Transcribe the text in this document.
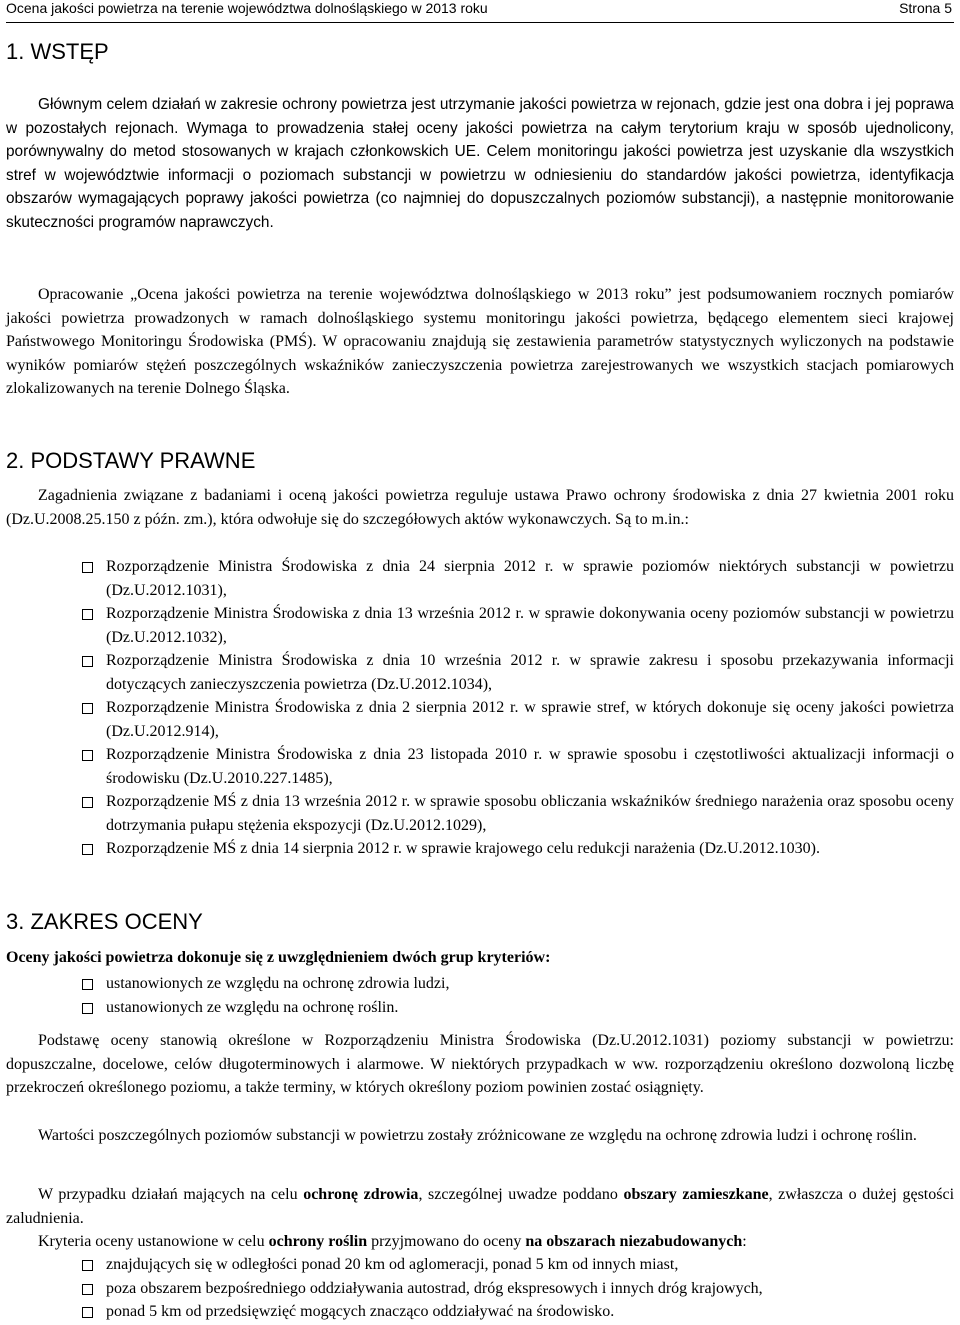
Ocena jakości powietrza na terenie województwa dolnośląskiego w 2013 roku	Strona 5
1. WSTĘP

Głównym celem działań w zakresie ochrony powietrza jest utrzymanie jakości powietrza w rejonach, gdzie jest ona dobra i jej poprawa w pozostałych rejonach. Wymaga to prowadzenia stałej oceny jakości powietrza na całym terytorium kraju w sposób ujednolicony, porównywalny do metod stosowanych w krajach członkowskich UE. Celem monitoringu jakości powietrza jest uzyskanie dla wszystkich stref w województwie informacji o poziomach substancji w powietrzu w odniesieniu do standardów jakości powietrza, identyfikacja obszarów wymagających poprawy jakości powietrza (co najmniej do dopuszczalnych poziomów substancji), a następnie monitorowanie skuteczności programów naprawczych.

Opracowanie „Ocena jakości powietrza na terenie województwa dolnośląskiego w 2013 roku” jest podsumowaniem rocznych pomiarów jakości powietrza prowadzonych w ramach dolnośląskiego systemu monitoringu jakości powietrza, będącego elementem sieci krajowej Państwowego Monitoringu Środowiska (PMŚ). W opracowaniu znajdują się zestawienia parametrów statystycznych wyliczonych na podstawie wyników pomiarów stężeń poszczególnych wskaźników zanieczyszczenia powietrza zarejestrowanych we wszystkich stacjach pomiarowych zlokalizowanych na terenie Dolnego Śląska.

2. PODSTAWY PRAWNE

Zagadnienia związane z badaniami i oceną jakości powietrza reguluje ustawa Prawo ochrony środowiska z dnia 27 kwietnia 2001 roku (Dz.U.2008.25.150 z późn. zm.), która odwołuje się do szczegółowych aktów wykonawczych. Są to m.in.:

Rozporządzenie Ministra Środowiska z dnia 24 sierpnia 2012 r. w sprawie poziomów niektórych substancji w powietrzu (Dz.U.2012.1031),
Rozporządzenie Ministra Środowiska z dnia 13 września 2012 r. w sprawie dokonywania oceny poziomów substancji w powietrzu (Dz.U.2012.1032),
Rozporządzenie Ministra Środowiska z dnia 10 września 2012 r. w sprawie zakresu i sposobu przekazywania informacji dotyczących zanieczyszczenia powietrza (Dz.U.2012.1034),
Rozporządzenie Ministra Środowiska z dnia 2 sierpnia 2012 r. w sprawie stref, w których dokonuje się oceny jakości powietrza (Dz.U.2012.914),
Rozporządzenie Ministra Środowiska z dnia 23 listopada 2010 r. w sprawie sposobu i częstotliwości aktualizacji informacji o środowisku (Dz.U.2010.227.1485),
Rozporządzenie MŚ z dnia 13 września 2012 r. w sprawie sposobu obliczania wskaźników średniego narażenia oraz sposobu oceny dotrzymania pułapu stężenia ekspozycji (Dz.U.2012.1029),
Rozporządzenie MŚ z dnia 14 sierpnia 2012 r. w sprawie krajowego celu redukcji narażenia (Dz.U.2012.1030).
3. ZAKRES OCENY

Oceny jakości powietrza dokonuje się z uwzględnieniem dwóch grup kryteriów:

ustanowionych ze względu na ochronę zdrowia ludzi,
ustanowionych ze względu na ochronę roślin.

Podstawę oceny stanowią określone w Rozporządzeniu Ministra Środowiska (Dz.U.2012.1031) poziomy substancji w powietrzu: dopuszczalne, docelowe, celów długoterminowych i alarmowe. W niektórych przypadkach w ww. rozporządzeniu określono dozwoloną liczbę przekroczeń określonego poziomu, a także terminy, w których określony poziom powinien zostać osiągnięty.

Wartości poszczególnych poziomów substancji w powietrzu zostały zróżnicowane ze względu na ochronę zdrowia ludzi i ochronę roślin.

W przypadku działań mających na celu ochronę zdrowia, szczególnej uwadze poddano obszary zamieszkane, zwłaszcza o dużej gęstości zaludnienia.

Kryteria oceny ustanowione w celu ochrony roślin przyjmowano do oceny na obszarach niezabudowanych:

znajdujących się w odległości ponad 20 km od aglomeracji, ponad 5 km od innych miast,
poza obszarem bezpośredniego oddziaływania autostrad, dróg ekspresowych i innych dróg krajowych,
ponad 5 km od przedsięwzięć mogących znacząco oddziaływać na środowisko.
